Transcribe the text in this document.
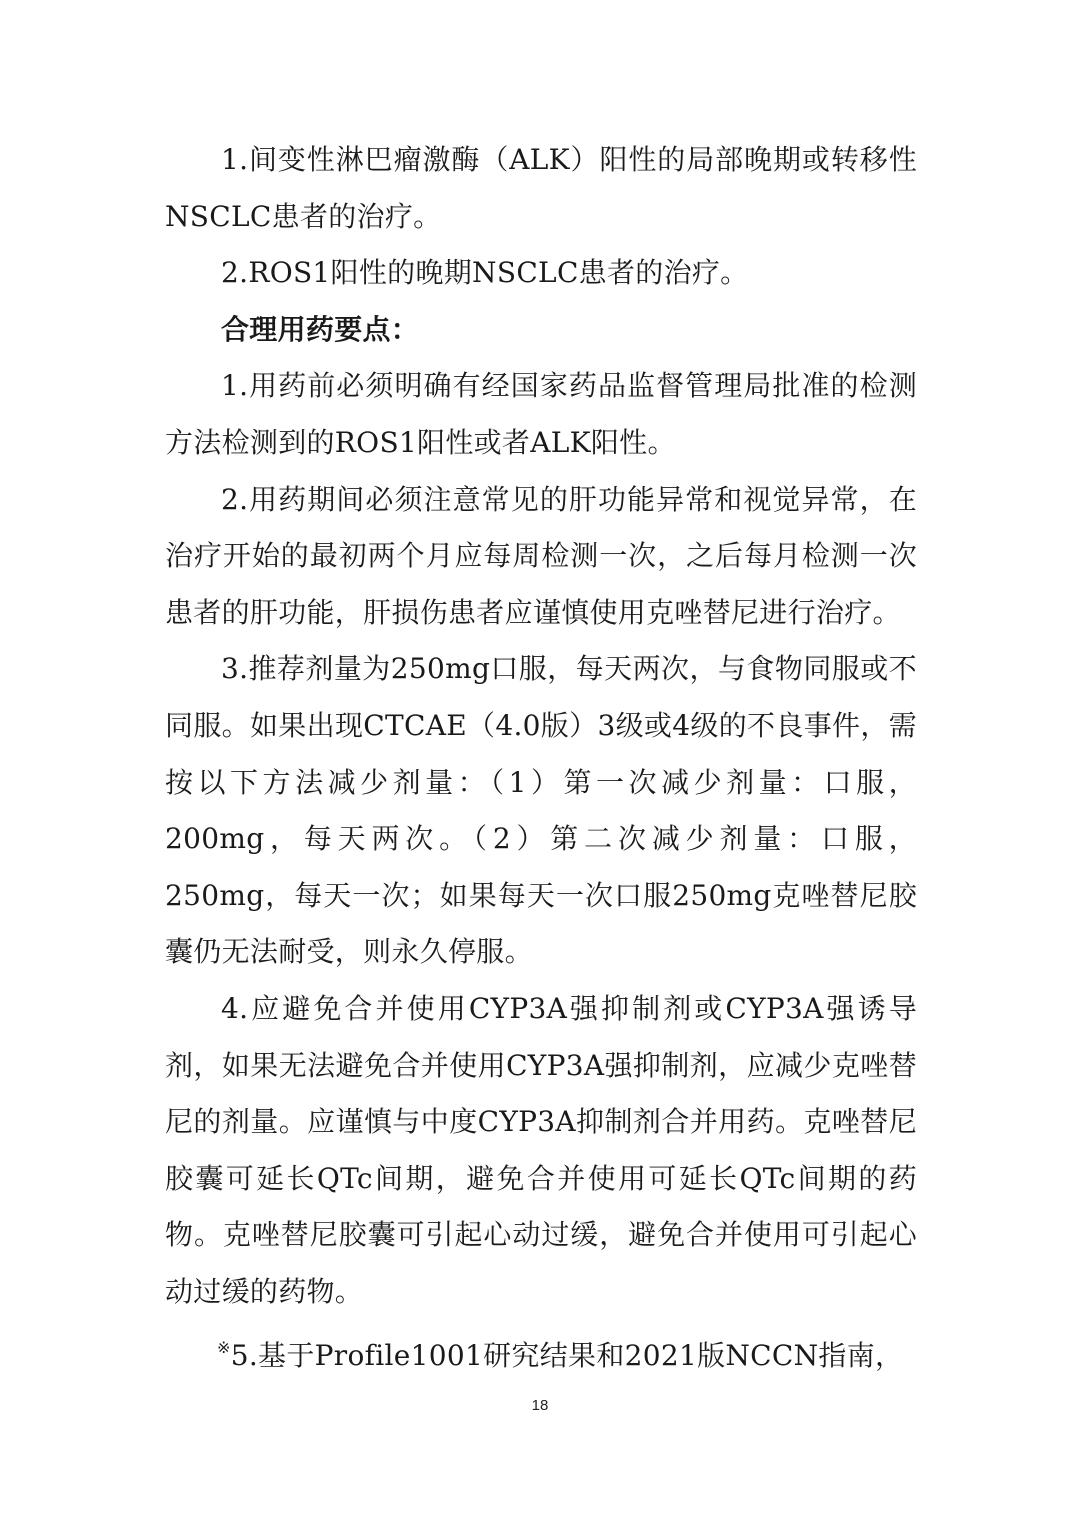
1.间变性淋巴瘤激酶（ALK）阳性的局部晚期或转移性NSCLC患者的治疗。

2.ROS1阳性的晚期NSCLC患者的治疗。

合理用药要点：

1.用药前必须明确有经国家药品监督管理局批准的检测方法检测到的ROS1阳性或者ALK阳性。

2.用药期间必须注意常见的肝功能异常和视觉异常，在治疗开始的最初两个月应每周检测一次，之后每月检测一次患者的肝功能，肝损伤患者应谨慎使用克唑替尼进行治疗。

3.推荐剂量为250mg口服，每天两次，与食物同服或不同服。如果出现CTCAE（4.0版）3级或4级的不良事件，需按以下方法减少剂量：（1）第一次减少剂量：口服，200mg，每天两次。（2）第二次减少剂量：口服，250mg，每天一次；如果每天一次口服250mg克唑替尼胶囊仍无法耐受，则永久停服。

4.应避免合并使用CYP3A强抑制剂或CYP3A强诱导剂，如果无法避免合并使用CYP3A强抑制剂，应减少克唑替尼的剂量。应谨慎与中度CYP3A抑制剂合并用药。克唑替尼胶囊可延长QTc间期，避免合并使用可延长QTc间期的药物。克唑替尼胶囊可引起心动过缓，避免合并使用可引起心动过缓的药物。

※5.基于Profile1001研究结果和2021版NCCN指南，

18
